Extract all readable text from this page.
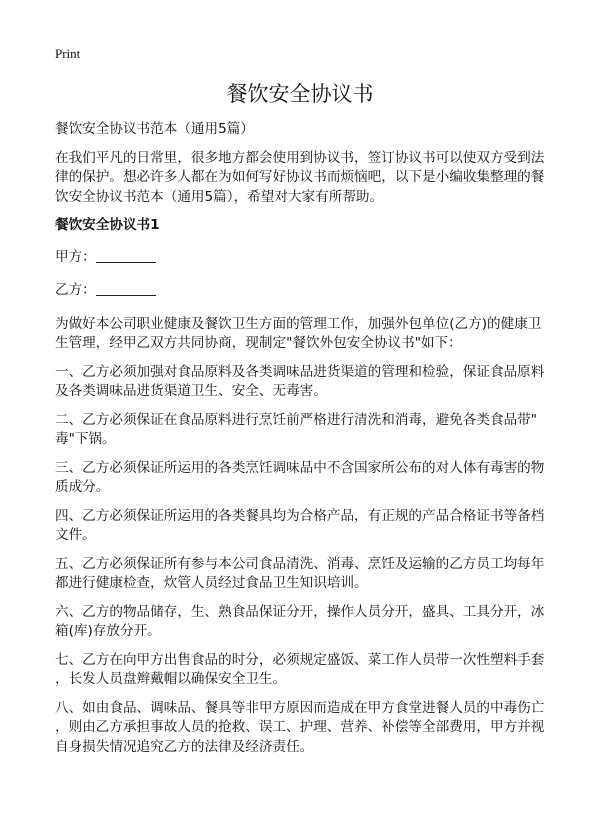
Print
餐饮安全协议书
餐饮安全协议书范本（通用5篇）
在我们平凡的日常里，很多地方都会使用到协议书，签订协议书可以使双方受到法
律的保护。想必许多人都在为如何写好协议书而烦恼吧，以下是小编收集整理的餐
饮安全协议书范本（通用5篇），希望对大家有所帮助。
餐饮安全协议书1
甲方：
乙方：
为做好本公司职业健康及餐饮卫生方面的管理工作，加强外包单位(乙方)的健康卫
生管理，经甲乙双方共同协商，现制定"餐饮外包安全协议书"如下：
一、乙方必须加强对食品原料及各类调味品进货渠道的管理和检验，保证食品原料
及各类调味品进货渠道卫生、安全、无毒害。
二、乙方必须保证在食品原料进行烹饪前严格进行清洗和消毒，避免各类食品带"
毒"下锅。
三、乙方必须保证所运用的各类烹饪调味品中不含国家所公布的对人体有毒害的物
质成分。
四、乙方必须保证所运用的各类餐具均为合格产品，有正规的产品合格证书等备档
文件。
五、乙方必须保证所有参与本公司食品清洗、消毒、烹饪及运输的乙方员工均每年
都进行健康检查，炊管人员经过食品卫生知识培训。
六、乙方的物品储存，生、熟食品保证分开，操作人员分开，盛具、工具分开，冰
箱(库)存放分开。
七、乙方在向甲方出售食品的时分，必须规定盛饭、菜工作人员带一次性塑料手套
，长发人员盘辫戴帽以确保安全卫生。
八、如由食品、调味品、餐具等非甲方原因而造成在甲方食堂进餐人员的中毒伤亡
，则由乙方承担事故人员的抢救、误工、护理、营养、补偿等全部费用，甲方并视
自身损失情况追究乙方的法律及经济责任。
